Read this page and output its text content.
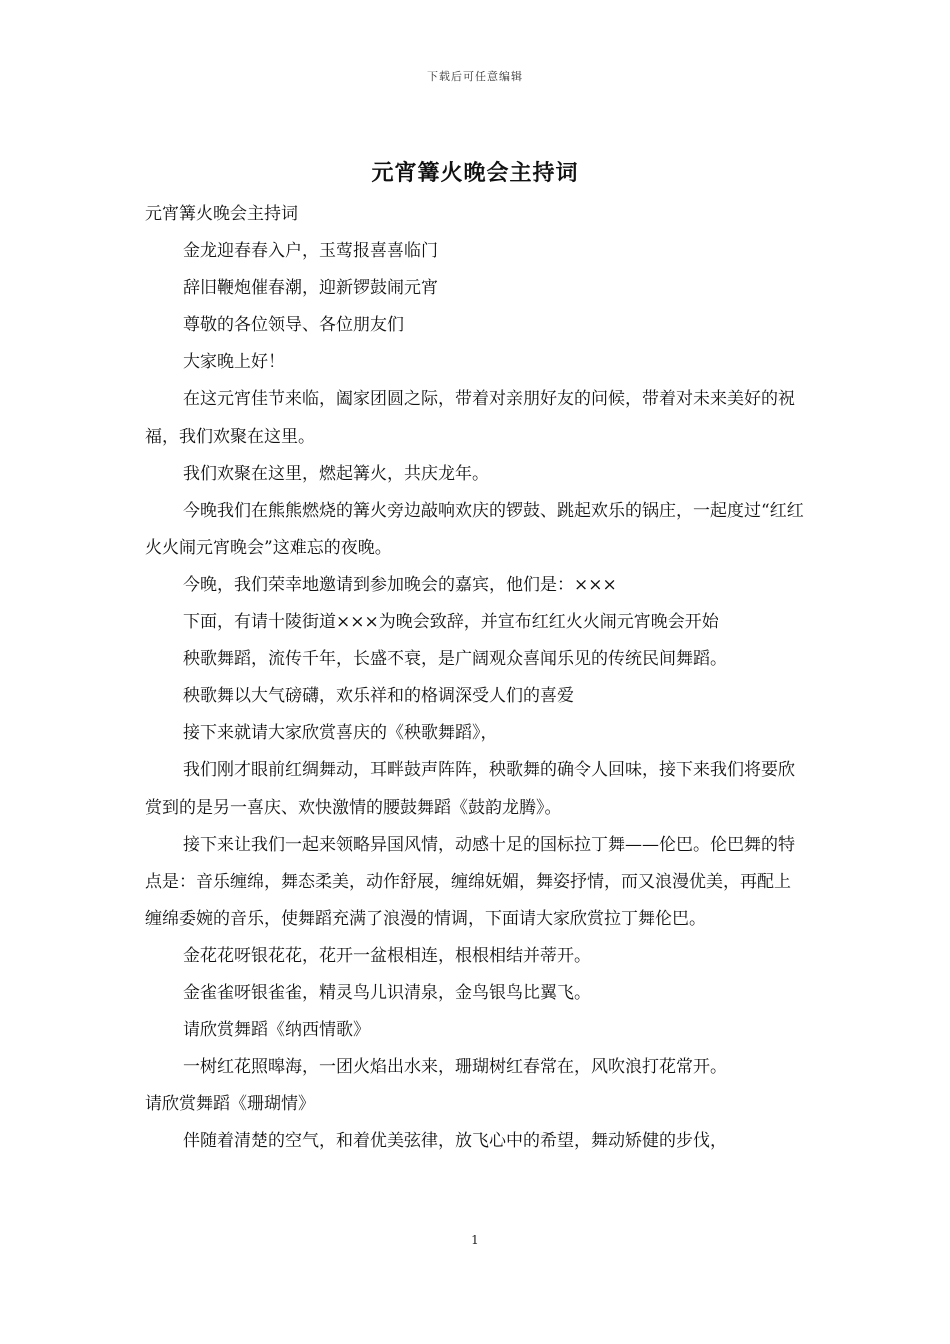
下载后可任意编辑
元宵篝火晚会主持词

元宵篝火晚会主持词

金龙迎春春入户，玉莺报喜喜临门

辞旧鞭炮催春潮，迎新锣鼓闹元宵

尊敬的各位领导、各位朋友们

大家晚上好！

在这元宵佳节来临，阖家团圆之际，带着对亲朋好友的问候，带着对未来美好的祝福，我们欢聚在这里。

我们欢聚在这里，燃起篝火，共庆龙年。

今晚我们在熊熊燃烧的篝火旁边敲响欢庆的锣鼓、跳起欢乐的锅庄，一起度过“红红火火闹元宵晚会”这难忘的夜晚。

今晚，我们荣幸地邀请到参加晚会的嘉宾，他们是：×××

下面，有请十陵街道×××为晚会致辞，并宣布红红火火闹元宵晚会开始

秧歌舞蹈，流传千年，长盛不衰，是广阔观众喜闻乐见的传统民间舞蹈。

秧歌舞以大气磅礴，欢乐祥和的格调深受人们的喜爱

接下来就请大家欣赏喜庆的《秧歌舞蹈》，

我们刚才眼前红绸舞动，耳畔鼓声阵阵，秧歌舞的确令人回味，接下来我们将要欣赏到的是另一喜庆、欢快激情的腰鼓舞蹈《鼓韵龙腾》。

接下来让我们一起来领略异国风情，动感十足的国标拉丁舞——伦巴。伦巴舞的特点是：音乐缠绵，舞态柔美，动作舒展，缠绵妩媚，舞姿抒情，而又浪漫优美，再配上缠绵委婉的音乐，使舞蹈充满了浪漫的情调，下面请大家欣赏拉丁舞伦巴。

金花花呀银花花，花开一盆根相连，根根相结并蒂开。

金雀雀呀银雀雀，精灵鸟儿识清泉，金鸟银鸟比翼飞。

请欣赏舞蹈《纳西情歌》

一树红花照暤海，一团火焰出水来，珊瑚树红春常在，风吹浪打花常开。

请欣赏舞蹈《珊瑚情》

伴随着清楚的空气，和着优美弦律，放飞心中的希望，舞动矫健的步伐，

1
